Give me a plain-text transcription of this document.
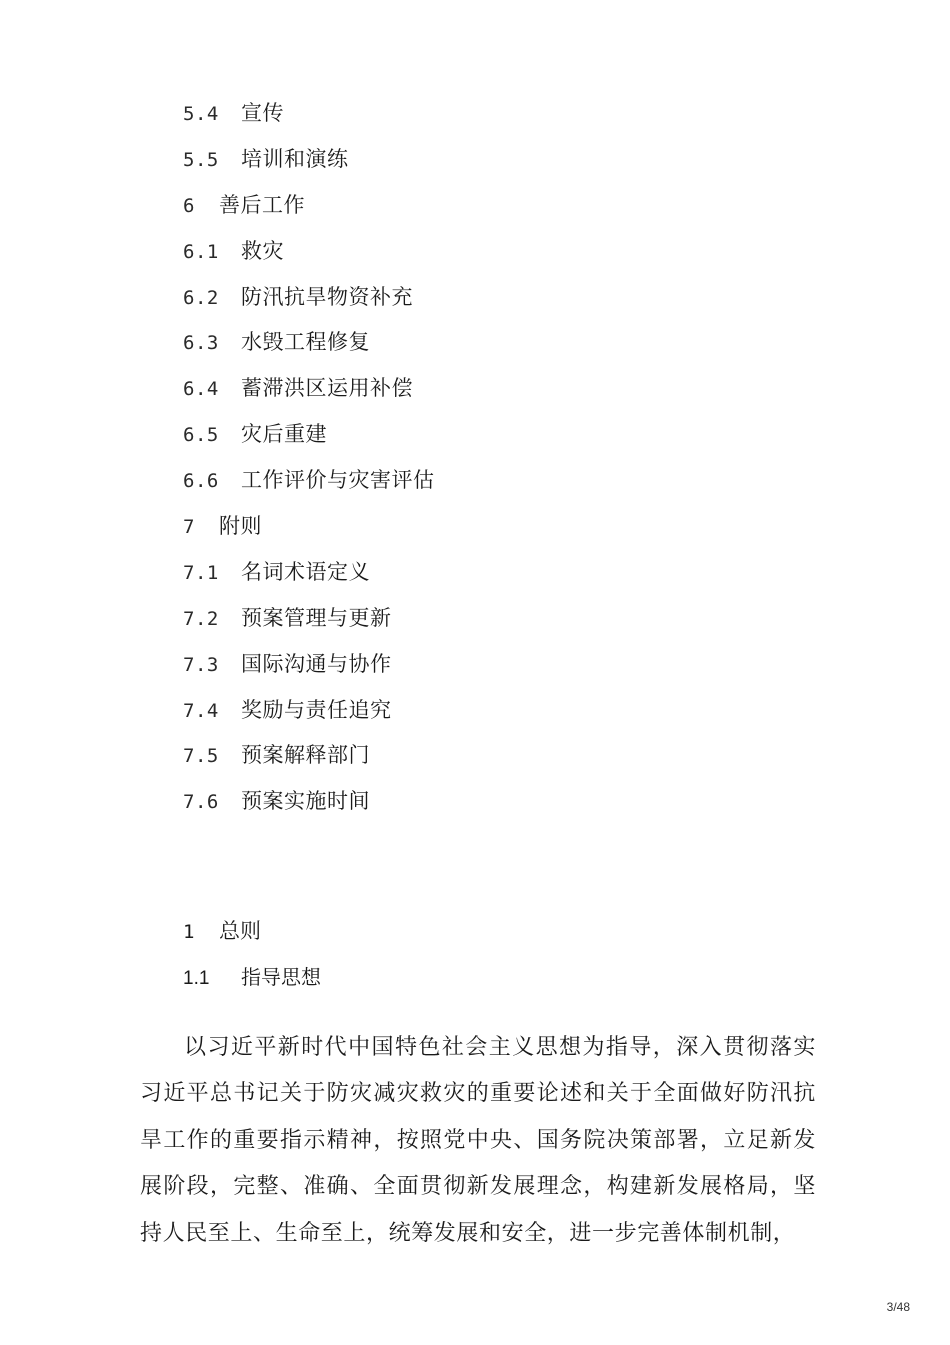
5.4 宣传
5.5 培训和演练
6 善后工作
6.1 救灾
6.2 防汛抗旱物资补充
6.3 水毁工程修复
6.4 蓄滞洪区运用补偿
6.5 灾后重建
6.6 工作评价与灾害评估
7 附则
7.1 名词术语定义
7.2 预案管理与更新
7.3 国际沟通与协作
7.4 奖励与责任追究
7.5 预案解释部门
7.6 预案实施时间
1 总则
1.1 指导思想

以习近平新时代中国特色社会主义思想为指导，深入贯彻落实习近平总书记关于防灾减灾救灾的重要论述和关于全面做好防汛抗旱工作的重要指示精神，按照党中央、国务院决策部署，立足新发展阶段，完整、准确、全面贯彻新发展理念，构建新发展格局，坚持人民至上、生命至上，统筹发展和安全，进一步完善体制机制，

3/48
